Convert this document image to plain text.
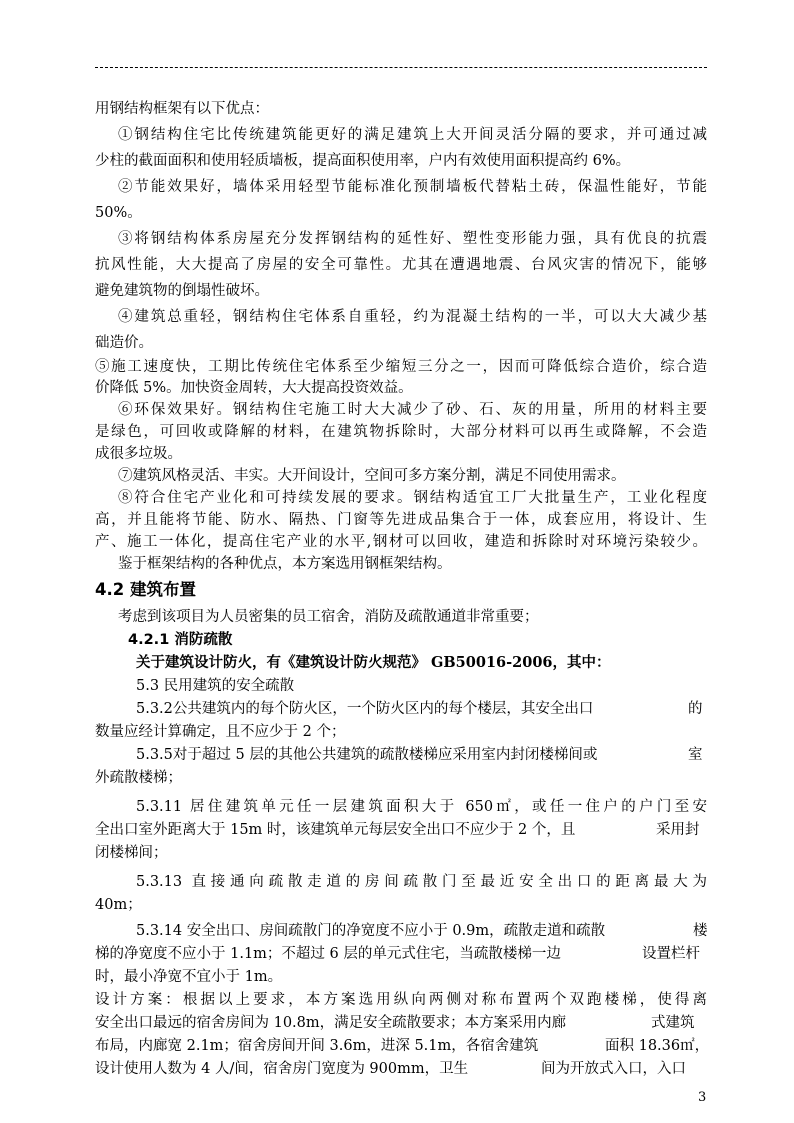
用钢结构框架有以下优点：
①钢结构住宅比传统建筑能更好的满足建筑上大开间灵活分隔的要求，并可通过减
少柱的截面面积和使用轻质墙板，提高面积使用率，户内有效使用面积提高约 6%。
②节能效果好，墙体采用轻型节能标准化预制墙板代替粘土砖，保温性能好，节能
50%。
③将钢结构体系房屋充分发挥钢结构的延性好、塑性变形能力强，具有优良的抗震
抗风性能，大大提高了房屋的安全可靠性。尤其在遭遇地震、台风灾害的情况下，能够
避免建筑物的倒塌性破坏。
④建筑总重轻，钢结构住宅体系自重轻，约为混凝土结构的一半，可以大大减少基
础造价。
⑤施工速度快，工期比传统住宅体系至少缩短三分之一，因而可降低综合造价，综合造
价降低 5%。加快资金周转，大大提高投资效益。
⑥环保效果好。钢结构住宅施工时大大减少了砂、石、灰的用量，所用的材料主要
是绿色，可回收或降解的材料，在建筑物拆除时，大部分材料可以再生或降解，不会造
成很多垃圾。
⑦建筑风格灵活、丰实。大开间设计，空间可多方案分割，满足不同使用需求。
⑧符合住宅产业化和可持续发展的要求。钢结构适宜工厂大批量生产，工业化程度
高，并且能将节能、防水、隔热、门窗等先进成品集合于一体，成套应用，将设计、生
产、施工一体化，提高住宅产业的水平,钢材可以回收，建造和拆除时对环境污染较少。
鉴于框架结构的各种优点，本方案选用钢框架结构。
4.2 建筑布置
考虑到该项目为人员密集的员工宿舍，消防及疏散通道非常重要；
4.2.1 消防疏散
关于建筑设计防火，有《建筑设计防火规范》 GB50016-2006，其中：
5.3 民用建筑的安全疏散
5.3.2公共建筑内的每个防火区，一个防火区内的每个楼层，其安全出口	的
数量应经计算确定，且不应少于 2 个；
5.3.5对于超过 5 层的其他公共建筑的疏散楼梯应采用室内封闭楼梯间或	室
外疏散楼梯；
5.3.11 居住建筑单元任一层建筑面积大于 650㎡，或任一住户的户门至安
全出口室外距离大于 15m 时，该建筑单元每层安全出口不应少于 2 个，且	采用封
闭楼梯间；
5.3.13 直接通向疏散走道的房间疏散门至最近安全出口的距离最大为
40m；
5.3.14 安全出口、房间疏散门的净宽度不应小于 0.9m，疏散走道和疏散	楼
梯的净宽度不应小于 1.1m；不超过 6 层的单元式住宅，当疏散楼梯一边	设置栏杆
时，最小净宽不宜小于 1m。
设计方案：根据以上要求，本方案选用纵向两侧对称布置两个双跑楼梯，使得离
安全出口最远的宿舍房间为 10.8m，满足安全疏散要求；本方案采用内廊	式建筑
布局，内廊宽 2.1m；宿舍房间开间 3.6m，进深 5.1m，各宿舍建筑	面积 18.36㎡，
设计使用人数为 4 人/间，宿舍房门宽度为 900mm，卫生	间为开放式入口，入口
3
